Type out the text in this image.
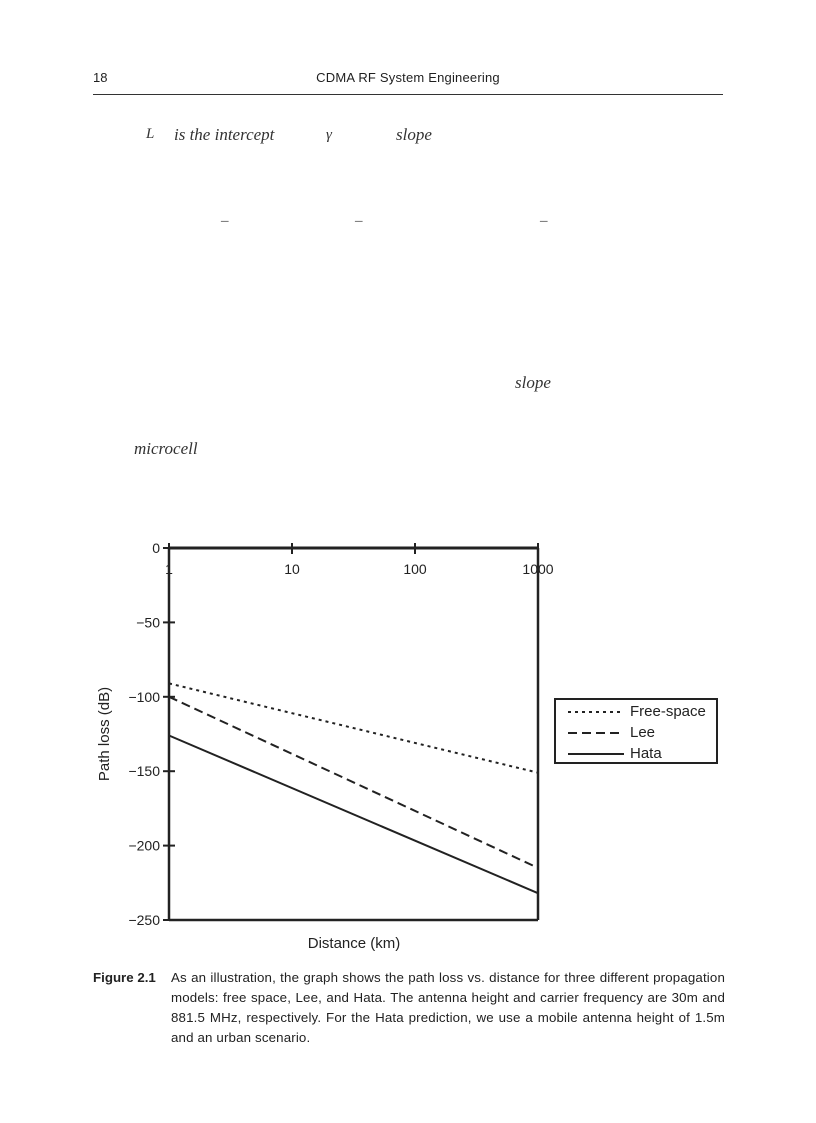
18	CDMA RF System Engineering
L is the intercept	γ	slope
–	–	–
slope
microcell
1	10	100	1000
0
−50
−100
−150
−200
−250
Distance (km)
Path loss (dB)	Free-space
Lee
Hata
Figure 2.1 As an illustration, the graph shows the path loss vs. distance for three different propagation models: free space, Lee, and Hata. The antenna height and carrier frequency are 30m and 881.5 MHz, respectively. For the Hata prediction, we use a mobile antenna height of 1.5m and an urban scenario.
